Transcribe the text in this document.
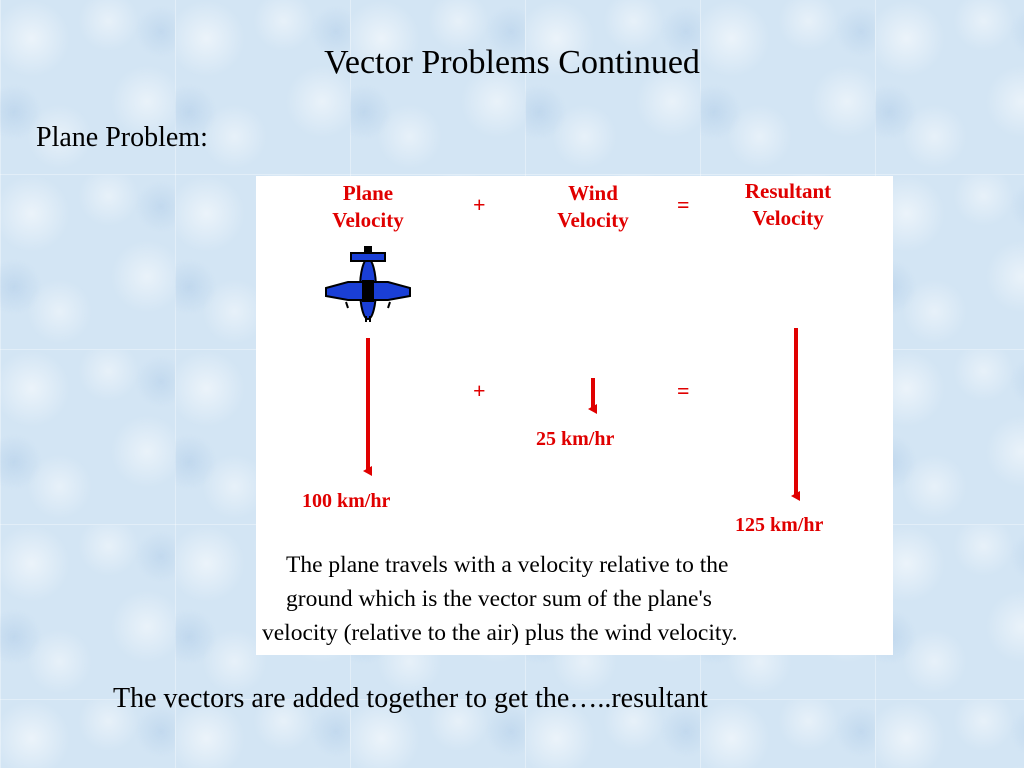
Vector Problems Continued
Plane Problem:
Plane
Velocity
+	Wind
Velocity
=
Resultant
Velocity
+	=
100 km/hr
25 km/hr
125 km/hr
The plane travels with a velocity relative to the
ground which is the vector sum of the plane's
velocity (relative to the air) plus the wind velocity.
The vectors are added together to get the…..resultant
